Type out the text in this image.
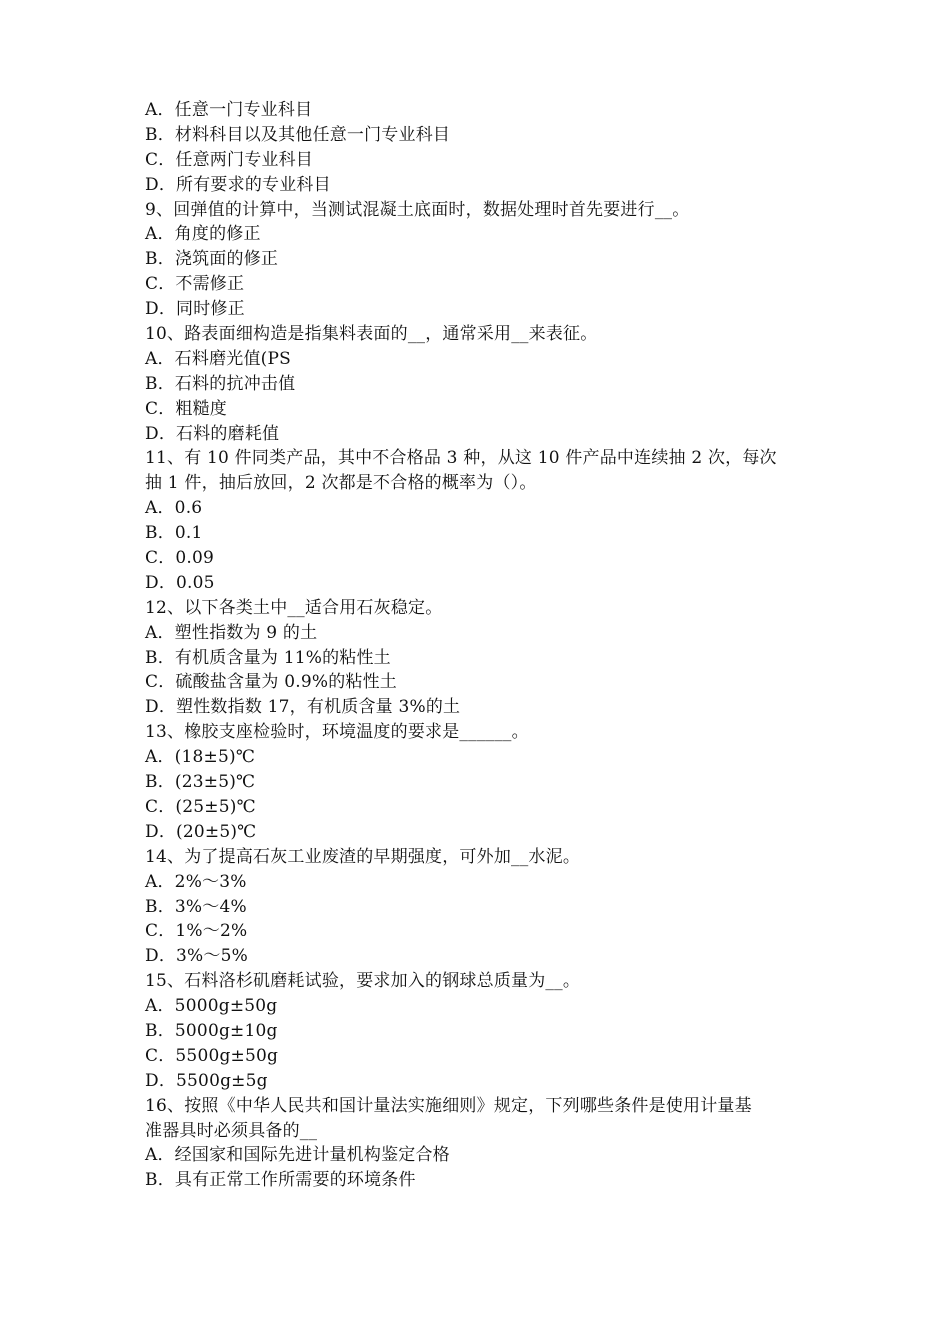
A．任意一门专业科目
B．材料科目以及其他任意一门专业科目
C．任意两门专业科目
D．所有要求的专业科目
9、回弹值的计算中，当测试混凝土底面时，数据处理时首先要进行__。
A．角度的修正
B．浇筑面的修正
C．不需修正
D．同时修正
10、路表面细构造是指集料表面的__，通常采用__来表征。
A．石料磨光值(PS
B．石料的抗冲击值
C．粗糙度
D．石料的磨耗值
11、有 10 件同类产品，其中不合格品 3 种，从这 10 件产品中连续抽 2 次，每次
抽 1 件，抽后放回，2 次都是不合格的概率为（）。
A．0.6
B．0.1
C．0.09
D．0.05
12、以下各类土中__适合用石灰稳定。
A．塑性指数为 9 的土
B．有机质含量为 11%的粘性土
C．硫酸盐含量为 0.9%的粘性土
D．塑性数指数 17，有机质含量 3%的土
13、橡胶支座检验时，环境温度的要求是______。
A．(18±5)℃
B．(23±5)℃
C．(25±5)℃
D．(20±5)℃
14、为了提高石灰工业废渣的早期强度，可外加__水泥。
A．2%～3%
B．3%～4%
C．1%～2%
D．3%～5%
15、石料洛杉矶磨耗试验，要求加入的钢球总质量为__。
A．5000g±50g
B．5000g±10g
C．5500g±50g
D．5500g±5g
16、按照《中华人民共和国计量法实施细则》规定，下列哪些条件是使用计量基
准器具时必须具备的__
A．经国家和国际先进计量机构鉴定合格
B．具有正常工作所需要的环境条件
